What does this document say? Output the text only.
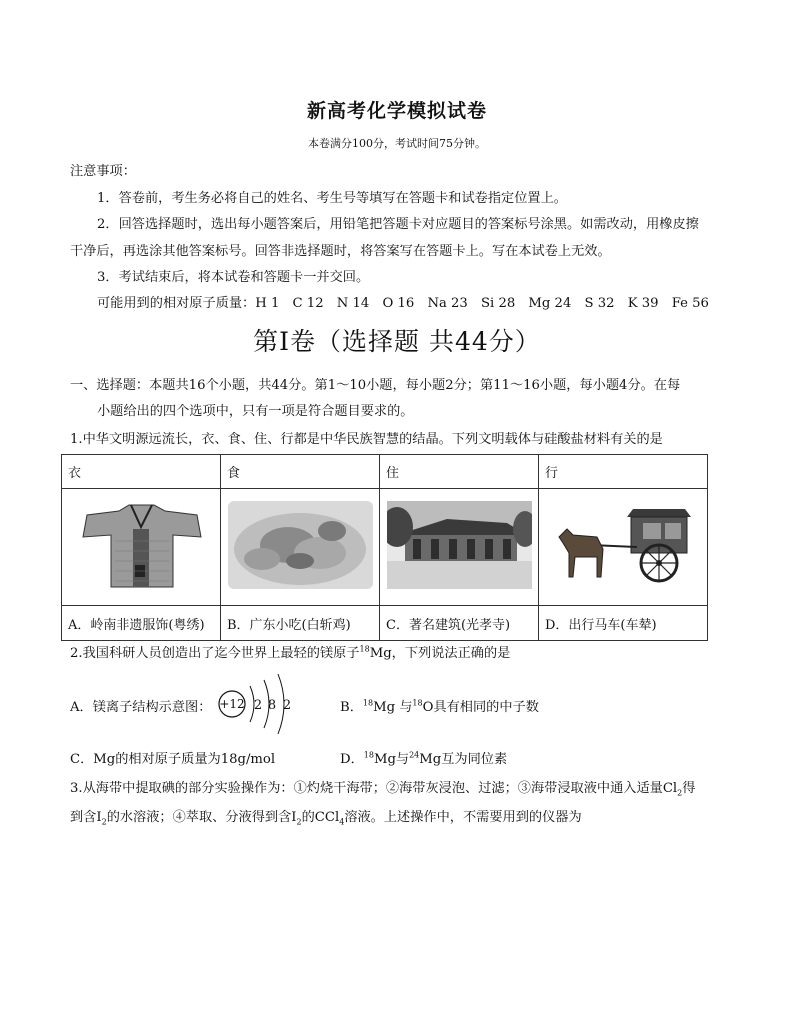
新高考化学模拟试卷
本卷满分100分，考试时间75分钟。
注意事项：
1．答卷前，考生务必将自己的姓名、考生号等填写在答题卡和试卷指定位置上。
2．回答选择题时，选出每小题答案后，用铅笔把答题卡对应题目的答案标号涂黑。如需改动，用橡皮擦
干净后，再选涂其他答案标号。回答非选择题时，将答案写在答题卡上。写在本试卷上无效。
3．考试结束后，将本试卷和答题卡一并交回。
可能用到的相对原子质量：H 1　C 12　N 14　O 16　Na 23　Si 28　Mg 24　S 32　K 39　Fe 56
第Ⅰ卷（选择题 共44分）
一、选择题：本题共16个小题，共44分。第1～10小题，每小题2分；第11～16小题，每小题4分。在每
小题给出的四个选项中，只有一项是符合题目要求的。
1.中华文明源远流长，衣、食、住、行都是中华民族智慧的结晶。下列文明载体与硅酸盐材料有关的是
衣	食	住	行

A．岭南非遗服饰(粤绣)	B．广东小吃(白斩鸡)	C．著名建筑(光孝寺)	D．出行马车(车辇)
2.我国科研人员创造出了迄今世界上最轻的镁原子$^{18}$Mg，下列说法正确的是
A．镁离子结构示意图： +12 2 8 2	B．$^{18}$Mg 与$^{18}$O具有相同的中子数
C．Mg的相对原子质量为18g/mol	D．$^{18}$Mg与$^{24}$Mg互为同位素
3.从海带中提取碘的部分实验操作为：①灼烧干海带；②海带灰浸泡、过滤；③海带浸取液中通入适量$Cl_2$得
到含$I_2$的水溶液；④萃取、分液得到含$I_2$的CCl$_4$溶液。上述操作中，不需要用到的仪器为
